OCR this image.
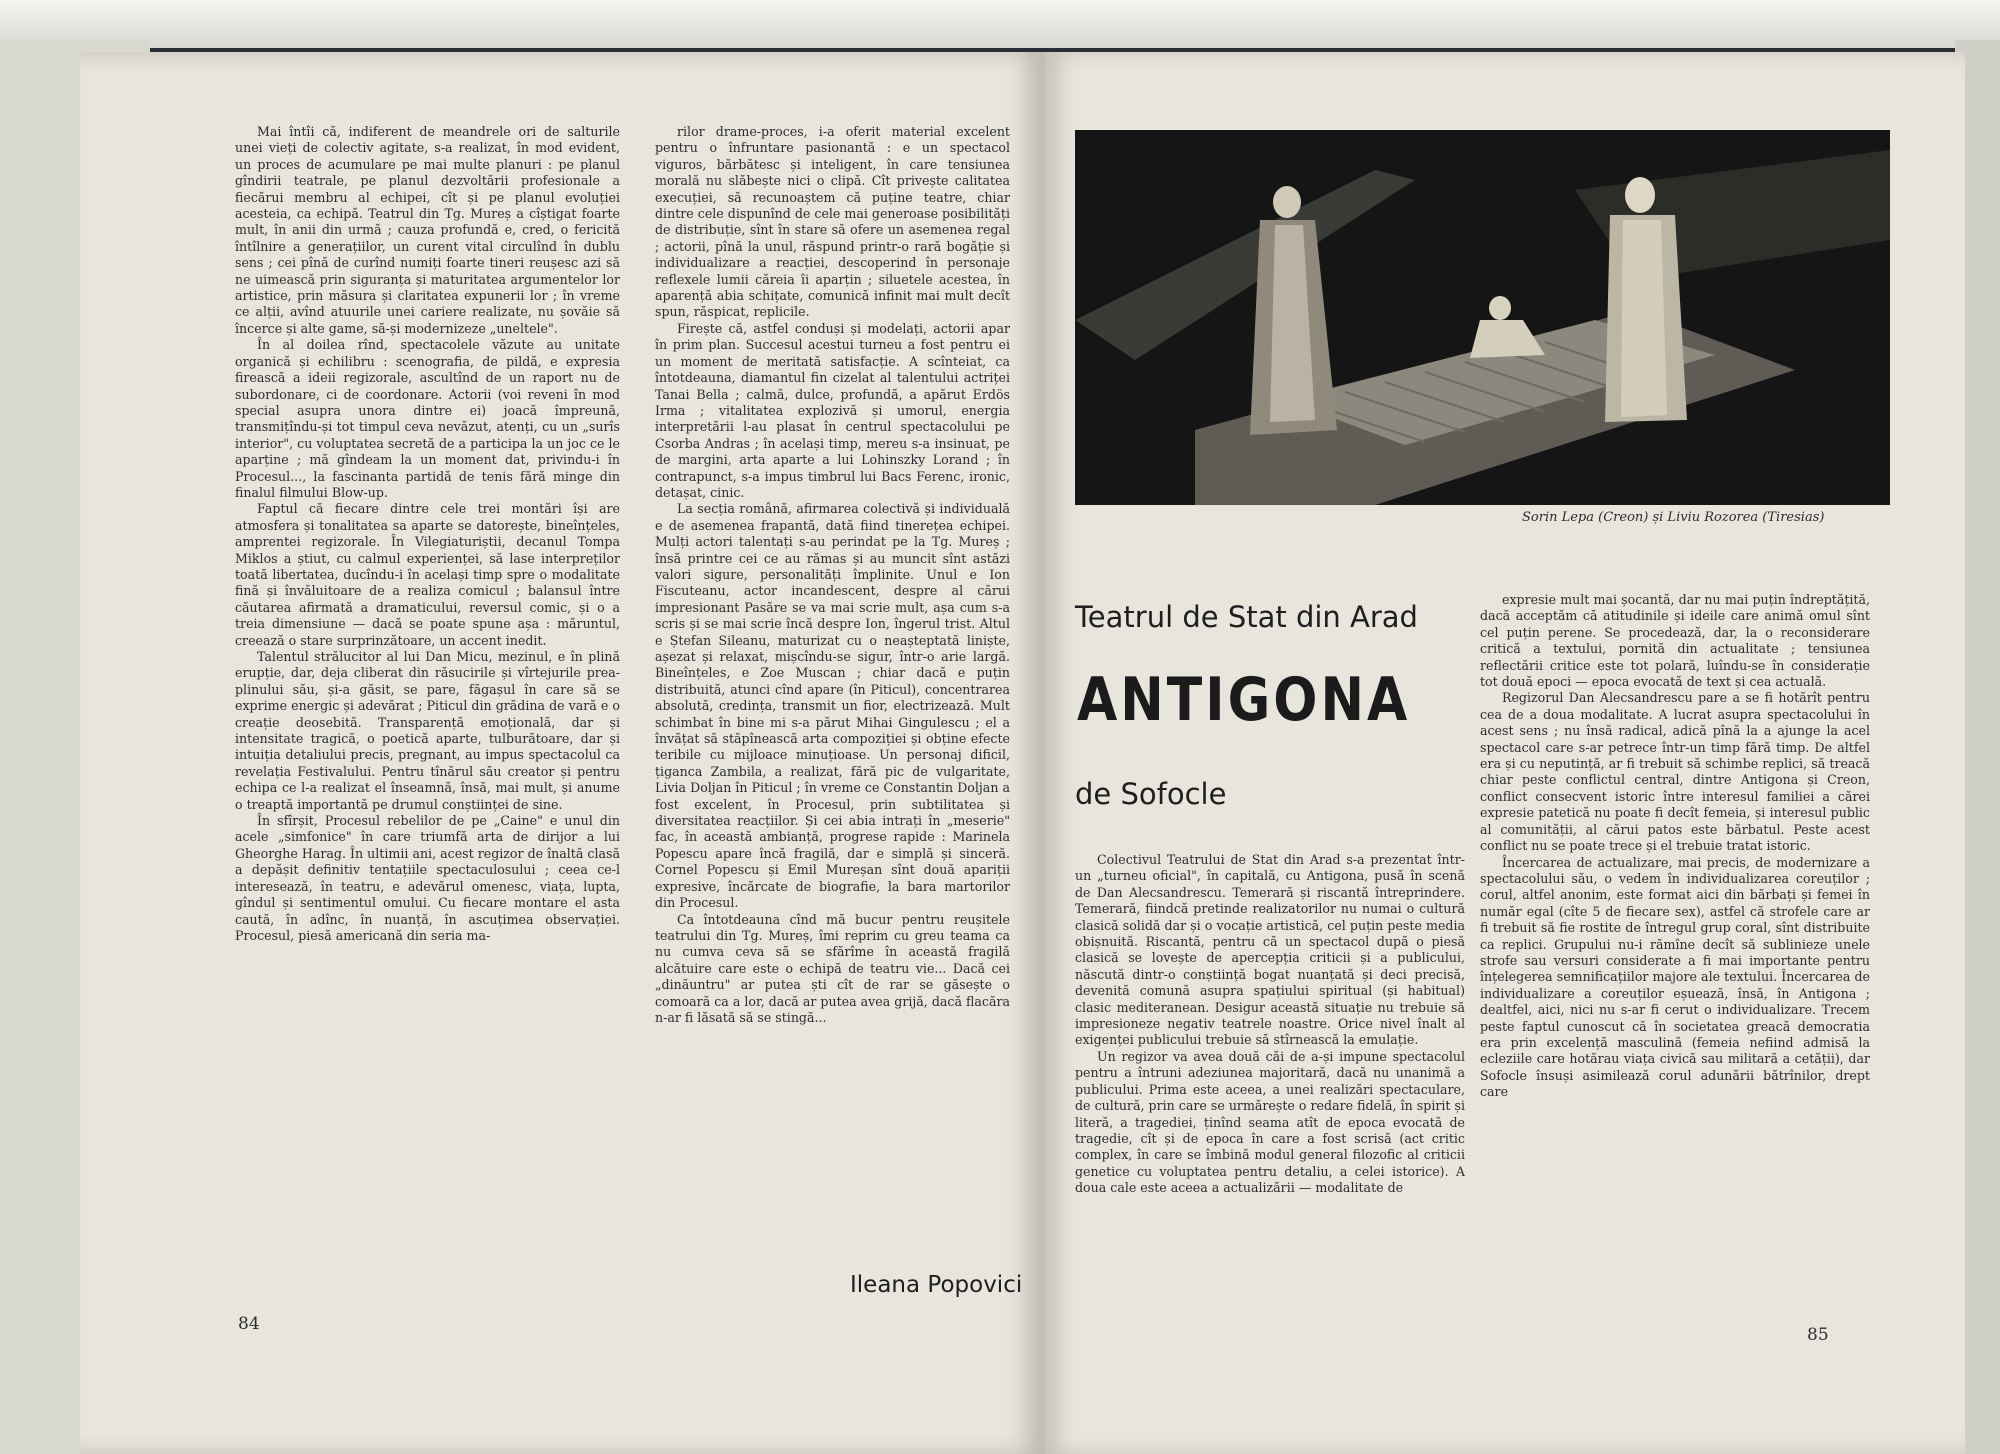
Mai întîi că, indiferent de meandrele ori de salturile unei vieți de colectiv agitate, s-a realizat, în mod evident, un proces de acumulare pe mai multe planuri : pe planul gîndirii teatrale, pe planul dezvoltării profesionale a fiecărui membru al echipei, cît și pe planul evoluției acesteia, ca echipă. Teatrul din Tg. Mureș a cîștigat foarte mult, în anii din urmă ; cauza profundă e, cred, o fericită întîlnire a generațiilor, un curent vital circulînd în dublu sens ; cei pînă de curînd numiți foarte tineri reușesc azi să ne uimească prin siguranța și maturitatea argumentelor lor artistice, prin măsura și claritatea expunerii lor ; în vreme ce alții, avînd atuurile unei cariere realizate, nu șovăie să încerce și alte game, să-și modernizeze „uneltele".

În al doilea rînd, spectacolele văzute au unitate organică și echilibru : scenografia, de pildă, e expresia firească a ideii regizorale, ascultînd de un raport nu de subordonare, ci de coordonare. Actorii (voi reveni în mod special asupra unora dintre ei) joacă împreună, transmițîndu-și tot timpul ceva nevăzut, atenți, cu un „surîs interior", cu voluptatea secretă de a participa la un joc ce le aparține ; mă gîndeam la un moment dat, privindu-i în Procesul..., la fascinanta partidă de tenis fără minge din finalul filmului Blow-up.

Faptul că fiecare dintre cele trei montări își are atmosfera și tonalitatea sa aparte se datorește, bineînțeles, amprentei regizorale. În Vilegiaturiștii, decanul Tompa Miklos a știut, cu calmul experienței, să lase interpreților toată libertatea, ducîndu-i în același timp spre o modalitate fină și învăluitoare de a realiza comicul ; balansul între căutarea afirmată a dramaticului, reversul comic, și o a treia dimensiune — dacă se poate spune așa : măruntul, creează o stare surprinzătoare, un accent inedit.

Talentul strălucitor al lui Dan Micu, mezinul, e în plină erupție, dar, deja cliberat din răsucirile și vîrtejurile prea-plinului său, și-a găsit, se pare, făgașul în care să se exprime energic și adevărat ; Piticul din grădina de vară e o creație deosebită. Transparență emoțională, dar și intensitate tragică, o poetică aparte, tulburătoare, dar și intuiția detaliului precis, pregnant, au impus spectacolul ca revelația Festivalului. Pentru tînărul său creator și pentru echipa ce l-a realizat el înseamnă, însă, mai mult, și anume o treaptă importantă pe drumul conștiinței de sine.

În sfîrșit, Procesul rebelilor de pe „Caine" e unul din acele „simfonice" în care triumfă arta de dirijor a lui Gheorghe Harag. În ultimii ani, acest regizor de înaltă clasă a depășit definitiv tentațiile spectaculosului ; ceea ce-l interesează, în teatru, e adevărul omenesc, viața, lupta, gîndul și sentimentul omului. Cu fiecare montare el asta caută, în adînc, în nuanță, în ascuțimea observației. Procesul, piesă americană din seria ma-

rilor drame-proces, i-a oferit material excelent pentru o înfruntare pasionantă : e un spectacol viguros, bărbătesc și inteligent, în care tensiunea morală nu slăbește nici o clipă. Cît privește calitatea execuției, să recunoaștem că puține teatre, chiar dintre cele dispunînd de cele mai generoase posibilități de distribuție, sînt în stare să ofere un asemenea regal ; actorii, pînă la unul, răspund printr-o rară bogăție și individualizare a reacției, descoperind în personaje reflexele lumii căreia îi aparțin ; siluetele acestea, în aparență abia schițate, comunică infinit mai mult decît spun, răspicat, replicile.

Firește că, astfel conduși și modelați, actorii apar în prim plan. Succesul acestui turneu a fost pentru ei un moment de meritată satisfacție. A scînteiat, ca întotdeauna, diamantul fin cizelat al talentului actriței Tanai Bella ; calmă, dulce, profundă, a apărut Erdös Irma ; vitalitatea explozivă și umorul, energia interpretării l-au plasat în centrul spectacolului pe Csorba Andras ; în același timp, mereu s-a insinuat, pe de margini, arta aparte a lui Lohinszky Lorand ; în contrapunct, s-a impus timbrul lui Bacs Ferenc, ironic, detașat, cinic.

La secția română, afirmarea colectivă și individuală e de asemenea frapantă, dată fiind tinerețea echipei. Mulți actori talentați s-au perindat pe la Tg. Mureș ; însă printre cei ce au rămas și au muncit sînt astăzi valori sigure, personalități împlinite. Unul e Ion Fiscuteanu, actor incandescent, despre al cărui impresionant Pasăre se va mai scrie mult, așa cum s-a scris și se mai scrie încă despre Ion, îngerul trist. Altul e Ștefan Sileanu, maturizat cu o neașteptată liniște, așezat și relaxat, mișcîndu-se sigur, într-o arie largă. Bineînțeles, e Zoe Muscan ; chiar dacă e puțin distribuită, atunci cînd apare (în Piticul), concentrarea absolută, credința, transmit un fior, electrizează. Mult schimbat în bine mi s-a părut Mihai Gingulescu ; el a învățat să stăpînească arta compoziției și obține efecte teribile cu mijloace minuțioase. Un personaj dificil, țiganca Zambila, a realizat, fără pic de vulgaritate, Livia Doljan în Piticul ; în vreme ce Constantin Doljan a fost excelent, în Procesul, prin subtilitatea și diversitatea reacțiilor. Și cei abia intrați în „meserie" fac, în această ambianță, progrese rapide : Marinela Popescu apare încă fragilă, dar e simplă și sinceră. Cornel Popescu și Emil Mureșan sînt două apariții expresive, încărcate de biografie, la bara martorilor din Procesul.

Ca întotdeauna cînd mă bucur pentru reușitele teatrului din Tg. Mureș, îmi reprim cu greu teama ca nu cumva ceva să se sfărîme în această fragilă alcătuire care este o echipă de teatru vie... Dacă cei „dinăuntru" ar putea ști cît de rar se găsește o comoară ca a lor, dacă ar putea avea grijă, dacă flacăra n-ar fi lăsată să se stingă...

Ileana Popovici
84
Sorin Lepa (Creon) și Liviu Rozorea (Tiresias)
Teatrul de Stat din Arad
ANTIGONA
de Sofocle

Colectivul Teatrului de Stat din Arad s-a prezentat într-un „turneu oficial", în capitală, cu Antigona, pusă în scenă de Dan Alecsandrescu. Temerară și riscantă întreprindere. Temerară, fiindcă pretinde realizatorilor nu numai o cultură clasică solidă dar și o vocație artistică, cel puțin peste media obișnuită. Riscantă, pentru că un spectacol după o piesă clasică se lovește de apercepția criticii și a publicului, născută dintr-o conștiință bogat nuanțată și deci precisă, devenită comună asupra spațiului spiritual (și habitual) clasic mediteranean. Desigur această situație nu trebuie să impresioneze negativ teatrele noastre. Orice nivel înalt al exigenței publicului trebuie să stîrnească la emulație.

Un regizor va avea două căi de a-și impune spectacolul pentru a întruni adeziunea majoritară, dacă nu unanimă a publicului. Prima este aceea, a unei realizări spectaculare, de cultură, prin care se urmărește o redare fidelă, în spirit și literă, a tragediei, ținînd seama atît de epoca evocată de tragedie, cît și de epoca în care a fost scrisă (act critic complex, în care se îmbină modul general filozofic al criticii genetice cu voluptatea pentru detaliu, a celei istorice). A doua cale este aceea a actualizării — modalitate de

expresie mult mai șocantă, dar nu mai puțin îndreptățită, dacă acceptăm că atitudinile și ideile care animă omul sînt cel puțin perene. Se procedează, dar, la o reconsiderare critică a textului, pornită din actualitate ; tensiunea reflectării critice este tot polară, luîndu-se în considerație tot două epoci — epoca evocată de text și cea actuală.

Regizorul Dan Alecsandrescu pare a se fi hotărît pentru cea de a doua modalitate. A lucrat asupra spectacolului în acest sens ; nu însă radical, adică pînă la a ajunge la acel spectacol care s-ar petrece într-un timp fără timp. De altfel era și cu neputință, ar fi trebuit să schimbe replici, să treacă chiar peste conflictul central, dintre Antigona și Creon, conflict consecvent istoric între interesul familiei a cărei expresie patetică nu poate fi decît femeia, și interesul public al comunității, al cărui patos este bărbatul. Peste acest conflict nu se poate trece și el trebuie tratat istoric.

Încercarea de actualizare, mai precis, de modernizare a spectacolului său, o vedem în individualizarea coreuților ; corul, altfel anonim, este format aici din bărbați și femei în număr egal (cîte 5 de fiecare sex), astfel că strofele care ar fi trebuit să fie rostite de întregul grup coral, sînt distribuite ca replici. Grupului nu-i rămîne decît să sublinieze unele strofe sau versuri considerate a fi mai importante pentru înțelegerea semnificațiilor majore ale textului. Încercarea de individualizare a coreuților eșuează, însă, în Antigona ; dealtfel, aici, nici nu s-ar fi cerut o individualizare. Trecem peste faptul cunoscut că în societatea greacă democratia era prin excelență masculină (femeia nefiind admisă la ecleziile care hotărau viața civică sau militară a cetății), dar Sofocle însuși asimilează corul adunării bătrînilor, drept care

85
